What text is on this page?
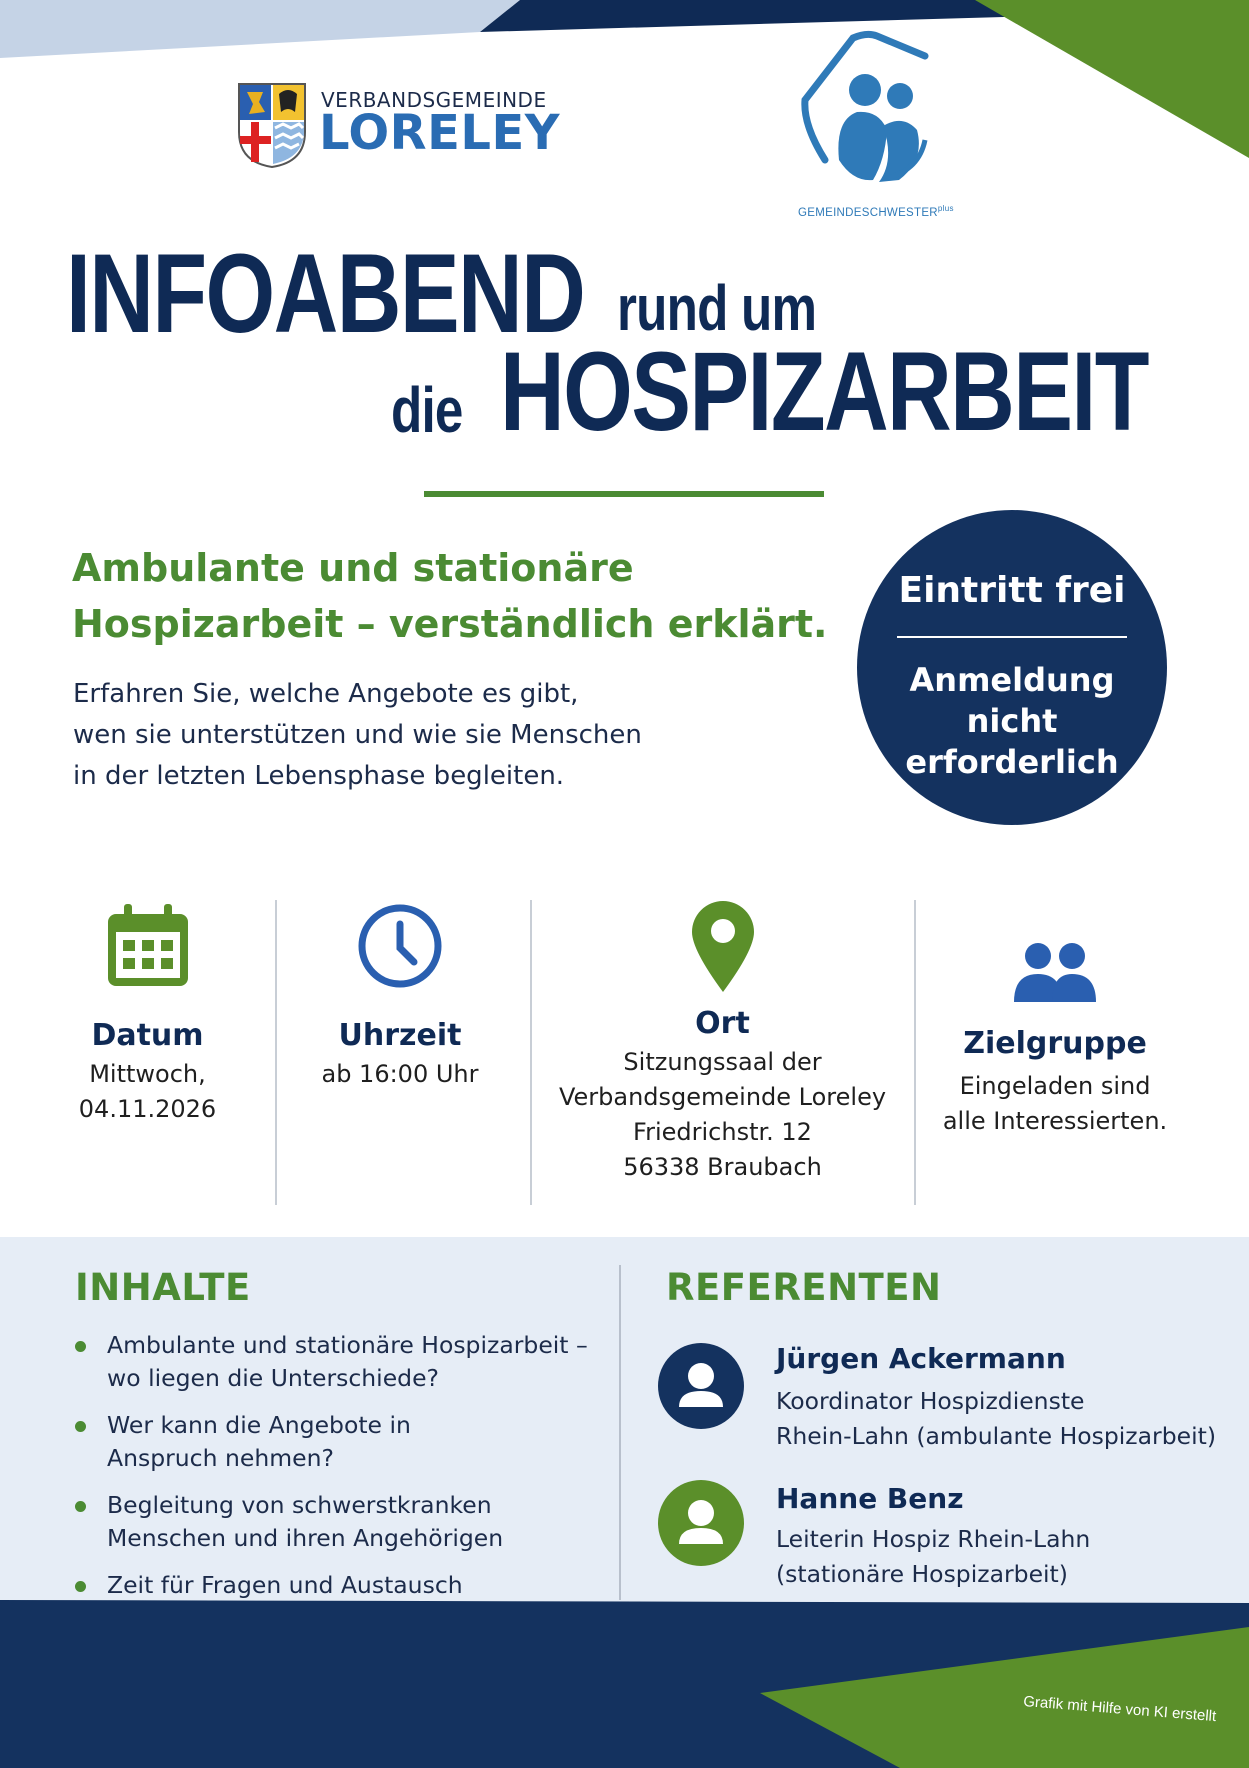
VERBANDSGEMEINDE
LORELEY
$GEMEINDESCHWESTER^{plus}$
INFOABEND rund um
die HOSPIZARBEIT
Ambulante und stationäre
Hospizarbeit – verständlich erklärt.
Erfahren Sie, welche Angebote es gibt,
wen sie unterstützen und wie sie Menschen
in der letzten Lebensphase begleiten.
Eintritt frei
Anmeldung
nicht
erforderlich
Datum
Mittwoch,
04.11.2026
Uhrzeit
ab 16:00 Uhr
Ort
Sitzungssaal der
Verbandsgemeinde Loreley
Friedrichstr. 12
56338 Braubach
Zielgruppe
Eingeladen sind
alle Interessierten.
INHALTE
Ambulante und stationäre Hospizarbeit –
wo liegen die Unterschiede?
Wer kann die Angebote in
Anspruch nehmen?
Begleitung von schwerstkranken
Menschen und ihren Angehörigen
Zeit für Fragen und Austausch
REFERENTEN
Jürgen Ackermann
Koordinator Hospizdienste
Rhein-Lahn (ambulante Hospizarbeit)
Hanne Benz
Leiterin Hospiz Rhein-Lahn
(stationäre Hospizarbeit)
Grafik mit Hilfe von KI erstellt
